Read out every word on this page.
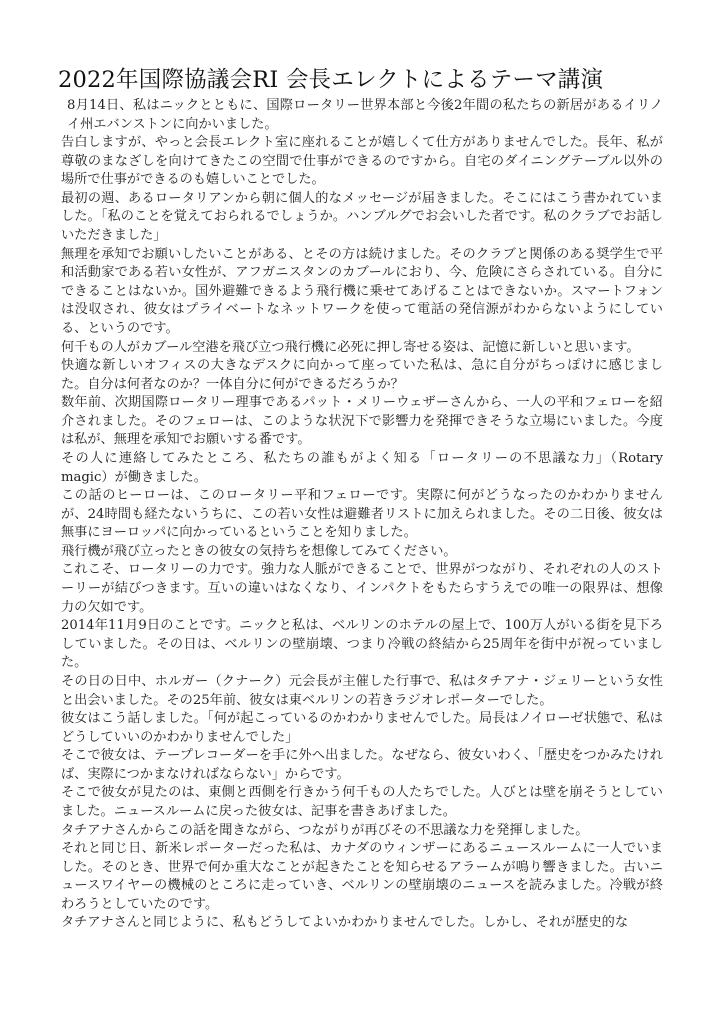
2022年国際協議会RI 会長エレクトによるテーマ講演

8月14日、私はニックとともに、国際ロータリー世界本部と今後2年間の私たちの新居があるイリノイ州エバンストンに向かいました。

告白しますが、やっと会長エレクト室に座れることが嬉しくて仕方がありませんでした。長年、私が尊敬のまなざしを向けてきたこの空間で仕事ができるのですから。自宅のダイニングテーブル以外の場所で仕事ができるのも嬉しいことでした。

最初の週、あるロータリアンから朝に個人的なメッセージが届きました。そこにはこう書かれていました。「私のことを覚えておられるでしょうか。ハンブルグでお会いした者です。私のクラブでお話しいただきました」

無理を承知でお願いしたいことがある、とその方は続けました。そのクラブと関係のある奨学生で平和活動家である若い女性が、アフガニスタンのカブールにおり、今、危険にさらされている。自分にできることはないか。国外避難できるよう飛行機に乗せてあげることはできないか。スマートフォンは没収され、彼女はプライベートなネットワークを使って電話の発信源がわからないようにしている、というのです。

何千もの人がカブール空港を飛び立つ飛行機に必死に押し寄せる姿は、記憶に新しいと思います。

快適な新しいオフィスの大きなデスクに向かって座っていた私は、急に自分がちっぽけに感じました。自分は何者なのか？一体自分に何ができるだろうか？

数年前、次期国際ロータリー理事であるパット・メリーウェザーさんから、一人の平和フェローを紹介されました。そのフェローは、このような状況下で影響力を発揮できそうな立場にいました。今度は私が、無理を承知でお願いする番です。

その人に連絡してみたところ、私たちの誰もがよく知る「ロータリーの不思議な力」（Rotary magic）が働きました。

この話のヒーローは、このロータリー平和フェローです。実際に何がどうなったのかわかりませんが、24時間も経たないうちに、この若い女性は避難者リストに加えられました。その二日後、彼女は無事にヨーロッパに向かっているということを知りました。

飛行機が飛び立ったときの彼女の気持ちを想像してみてください。

これこそ、ロータリーの力です。強力な人脈ができることで、世界がつながり、それぞれの人のストーリーが結びつきます。互いの違いはなくなり、インパクトをもたらすうえでの唯一の限界は、想像力の欠如です。

2014年11月9日のことです。ニックと私は、ベルリンのホテルの屋上で、100万人がいる街を見下ろしていました。その日は、ベルリンの壁崩壊、つまり冷戦の終結から25周年を街中が祝っていました。

その日の日中、ホルガー（クナーク）元会長が主催した行事で、私はタチアナ・ジェリーという女性と出会いました。その25年前、彼女は東ベルリンの若きラジオレポーターでした。

彼女はこう話しました。「何が起こっているのかわかりませんでした。局長はノイローゼ状態で、私はどうしていいのかわかりませんでした」

そこで彼女は、テープレコーダーを手に外へ出ました。なぜなら、彼女いわく、「歴史をつかみたければ、実際につかまなければならない」からです。

そこで彼女が見たのは、東側と西側を行きかう何千もの人たちでした。人びとは壁を崩そうとしていました。ニュースルームに戻った彼女は、記事を書きあげました。

タチアナさんからこの話を聞きながら、つながりが再びその不思議な力を発揮しました。

それと同じ日、新米レポーターだった私は、カナダのウィンザーにあるニュースルームに一人でいました。そのとき、世界で何か重大なことが起きたことを知らせるアラームが鳴り響きました。古いニュースワイヤーの機械のところに走っていき、ベルリンの壁崩壊のニュースを読みました。冷戦が終わろうとしていたのです。

タチアナさんと同じように、私もどうしてよいかわかりませんでした。しかし、それが歴史的な
